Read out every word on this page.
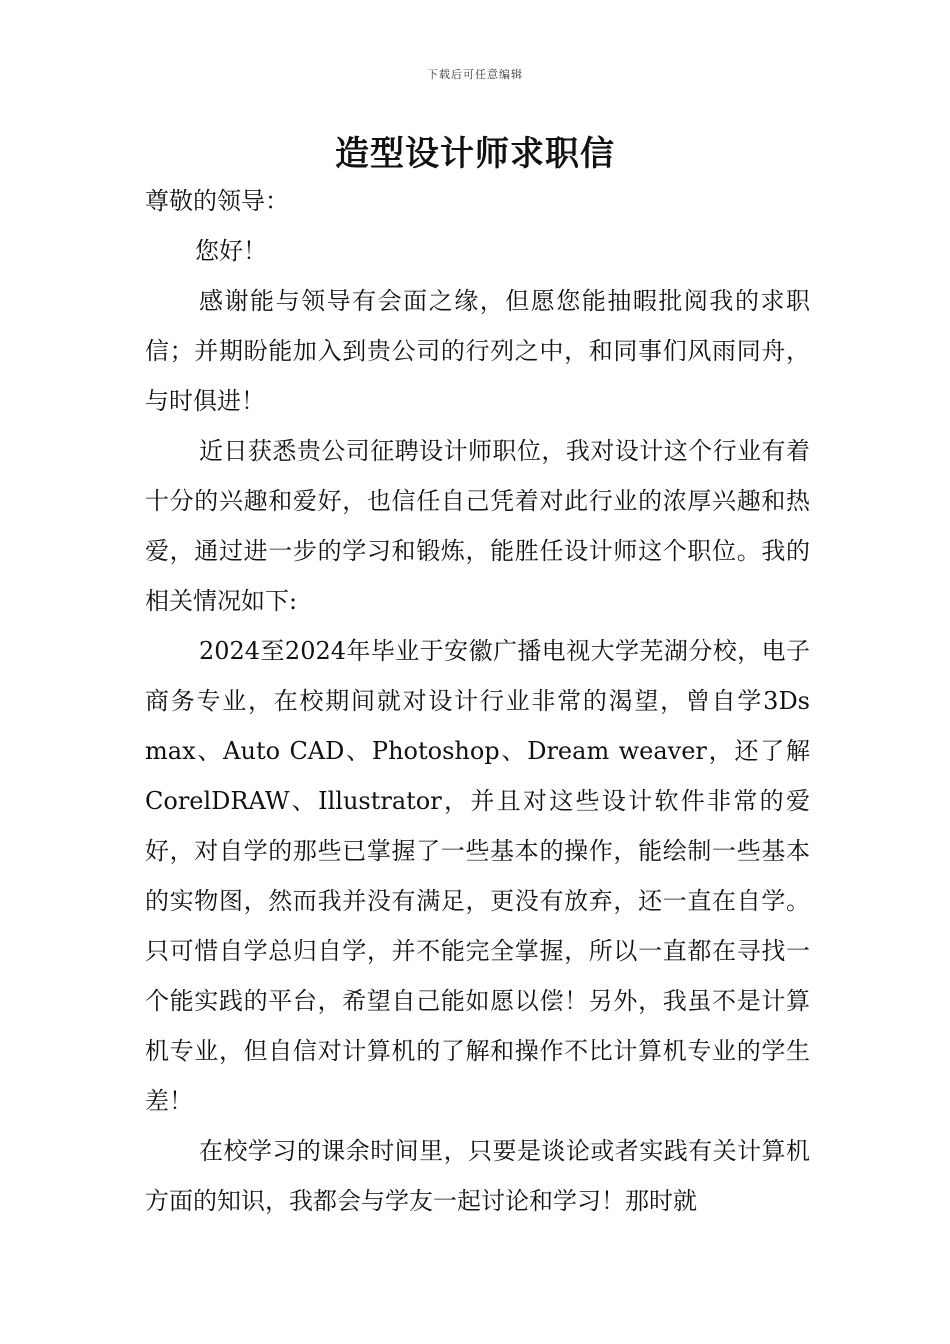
下载后可任意编辑
造型设计师求职信

尊敬的领导：

您好！

感谢能与领导有会面之缘，但愿您能抽暇批阅我的求职信；并期盼能加入到贵公司的行列之中，和同事们风雨同舟，与时俱进！

近日获悉贵公司征聘设计师职位，我对设计这个行业有着十分的兴趣和爱好，也信任自己凭着对此行业的浓厚兴趣和热爱，通过进一步的学习和锻炼，能胜任设计师这个职位。我的相关情况如下:

2024至2024年毕业于安徽广播电视大学芜湖分校，电子商务专业，在校期间就对设计行业非常的渴望，曾自学3Ds max、Auto CAD、Photoshop、Dream weaver，还了解CorelDRAW、Illustrator，并且对这些设计软件非常的爱好，对自学的那些已掌握了一些基本的操作，能绘制一些基本的实物图，然而我并没有满足，更没有放弃，还一直在自学。只可惜自学总归自学，并不能完全掌握，所以一直都在寻找一个能实践的平台，希望自己能如愿以偿！另外，我虽不是计算机专业，但自信对计算机的了解和操作不比计算机专业的学生差！

在校学习的课余时间里，只要是谈论或者实践有关计算机方面的知识，我都会与学友一起讨论和学习！那时就
